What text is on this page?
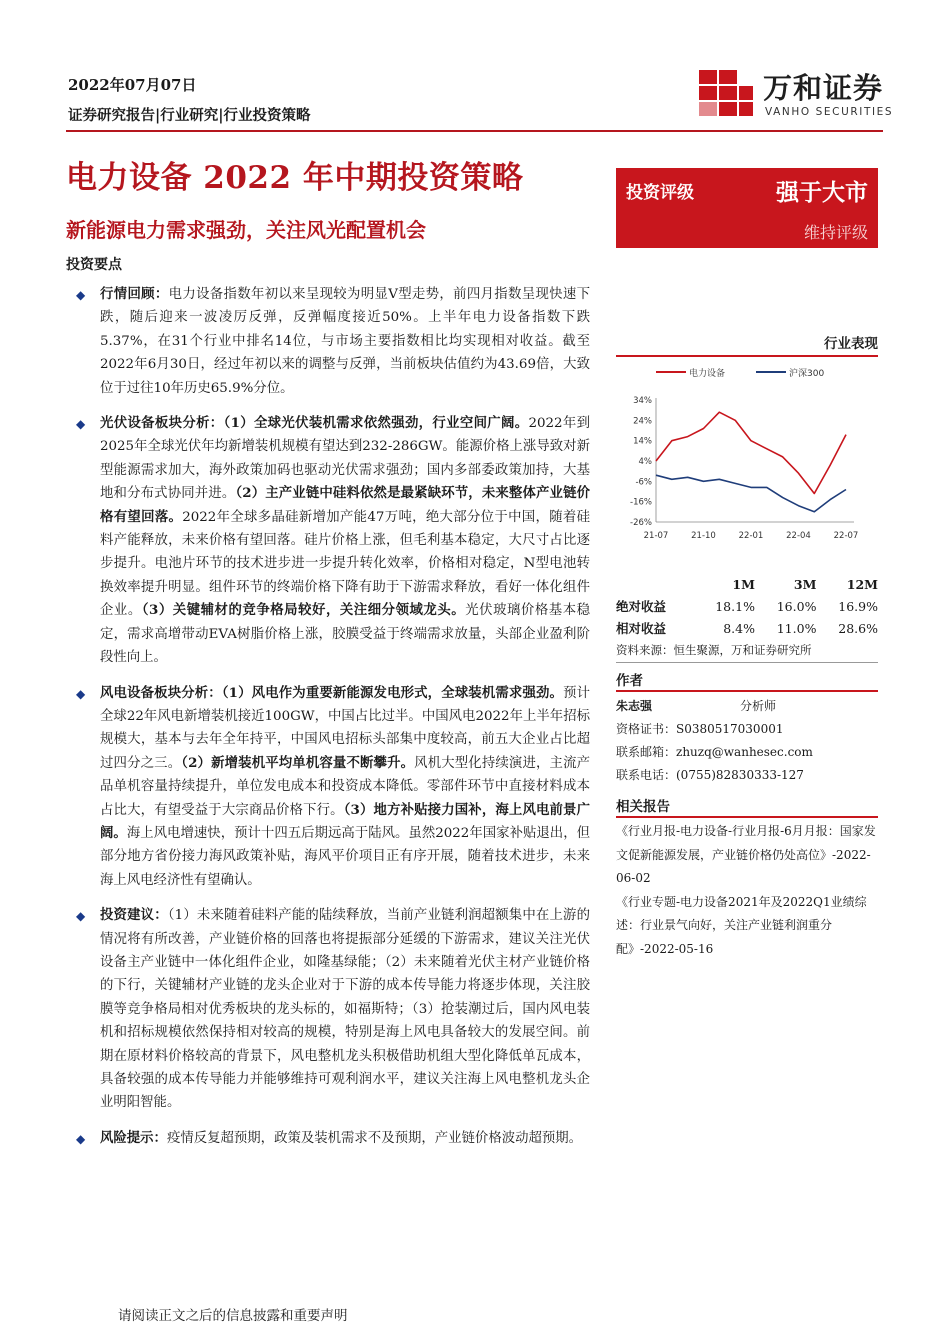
2022年07月07日
证券研究报告|行业研究|行业投资策略
万和证券
VANHO SECURITIES
电力设备 2022 年中期投资策略
新能源电力需求强劲，关注风光配置机会
投资要点
投资评级	强于大市
维持评级
◆ 行情回顾：电力设备指数年初以来呈现较为明显V型走势，前四月指数呈现快速下跌，随后迎来一波凌厉反弹，反弹幅度接近50%。上半年电力设备指数下跌5.37%，在31个行业中排名14位，与市场主要指数相比均实现相对收益。截至2022年6月30日，经过年初以来的调整与反弹，当前板块估值约为43.69倍，大致位于过往10年历史65.9%分位。
◆ 光伏设备板块分析：（1）全球光伏装机需求依然强劲，行业空间广阔。2022年到2025年全球光伏年均新增装机规模有望达到232-286GW。能源价格上涨导致对新型能源需求加大，海外政策加码也驱动光伏需求强劲；国内多部委政策加持，大基地和分布式协同并进。（2）主产业链中硅料依然是最紧缺环节，未来整体产业链价格有望回落。2022年全球多晶硅新增加产能47万吨，绝大部分位于中国，随着硅料产能释放，未来价格有望回落。硅片价格上涨，但毛利基本稳定，大尺寸占比逐步提升。电池片环节的技术进步进一步提升转化效率，价格相对稳定，N型电池转换效率提升明显。组件环节的终端价格下降有助于下游需求释放，看好一体化组件企业。（3）关键辅材的竞争格局较好，关注细分领域龙头。光伏玻璃价格基本稳定，需求高增带动EVA树脂价格上涨，胶膜受益于终端需求放量，头部企业盈利阶段性向上。
◆ 风电设备板块分析：（1）风电作为重要新能源发电形式，全球装机需求强劲。预计全球22年风电新增装机接近100GW，中国占比过半。中国风电2022年上半年招标规模大，基本与去年全年持平，中国风电招标头部集中度较高，前五大企业占比超过四分之三。（2）新增装机平均单机容量不断攀升。风机大型化持续演进，主流产品单机容量持续提升，单位发电成本和投资成本降低。零部件环节中直接材料成本占比大，有望受益于大宗商品价格下行。（3）地方补贴接力国补，海上风电前景广阔。海上风电增速快，预计十四五后期远高于陆风。虽然2022年国家补贴退出，但部分地方省份接力海风政策补贴，海风平价项目正有序开展，随着技术进步，未来海上风电经济性有望确认。
◆ 投资建议：（1）未来随着硅料产能的陆续释放，当前产业链利润超额集中在上游的情况将有所改善，产业链价格的回落也将提振部分延缓的下游需求，建议关注光伏设备主产业链中一体化组件企业，如隆基绿能；（2）未来随着光伏主材产业链价格的下行，关键辅材产业链的龙头企业对于下游的成本传导能力将逐步体现，关注胶膜等竞争格局相对优秀板块的龙头标的，如福斯特；（3）抢装潮过后，国内风电装机和招标规模依然保持相对较高的规模，特别是海上风电具备较大的发展空间。前期在原材料价格较高的背景下，风电整机龙头积极借助机组大型化降低单瓦成本，具备较强的成本传导能力并能够维持可观利润水平，建议关注海上风电整机龙头企业明阳智能。
◆ 风险提示：疫情反复超预期，政策及装机需求不及预期，产业链价格波动超预期。
行业表现
电力设备	沪深300
34%
24%
14%
4%
-6%
-16%
-26%
21-07	21-10	22-01	22-04	22-07
	1M	3M	12M
绝对收益	18.1%	16.0%	16.9%
相对收益	8.4%	11.0%	28.6%
资料来源：恒生聚源，万和证券研究所
作者
朱志强	分析师
资格证书：S0380517030001
联系邮箱：zhuzq@wanhesec.com
联系电话：(0755)82830333-127
相关报告

《行业月报-电力设备-行业月报-6月月报：国家发文促新能源发展，产业链价格仍处高位》-2022-06-02

《行业专题-电力设备2021年及2022Q1业绩综述：行业景气向好，关注产业链利润重分配》-2022-05-16

请阅读正文之后的信息披露和重要声明
